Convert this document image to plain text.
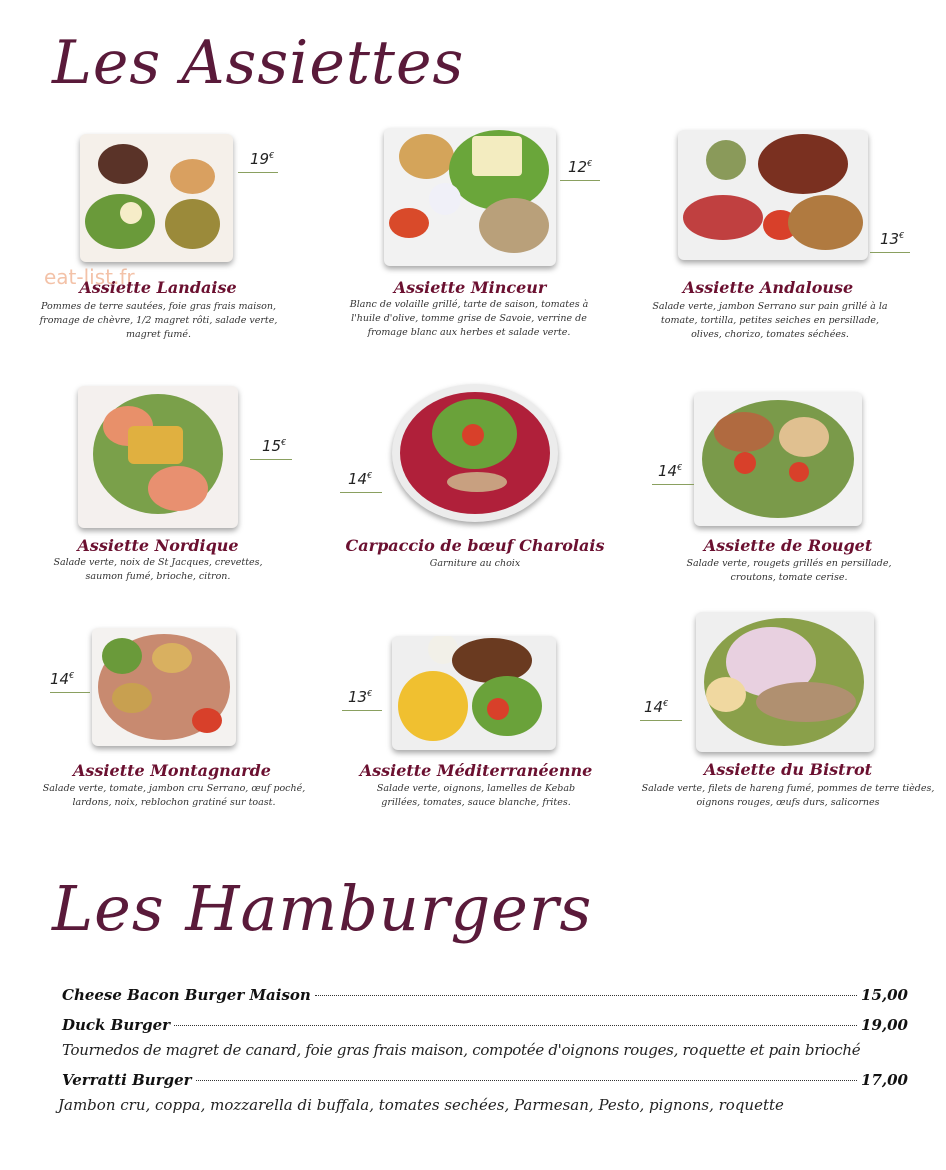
Les Assiettes
eat-list.fr
19€
12€
13€
Assiette Landaise
Pommes de terre sautées, foie gras frais maison, fromage de chèvre, 1/2 magret rôti, salade verte, magret fumé.
Assiette Minceur
Blanc de volaille grillé, tarte de saison, tomates à l'huile d'olive, tomme grise de Savoie, verrine de fromage blanc aux herbes et salade verte.
Assiette Andalouse
Salade verte, jambon Serrano sur pain grillé à la tomate, tortilla, petites seiches en persillade, olives, chorizo, tomates séchées.
15€
14€	14€
Assiette Nordique
Salade verte, noix de St Jacques, crevettes, saumon fumé, brioche, citron.
Carpaccio de bœuf Charolais
Garniture au choix
Assiette de Rouget
Salade verte, rougets grillés en persillade, croutons, tomate cerise.
14€
13€
14€
Assiette Montagnarde
Salade verte, tomate, jambon cru Serrano, œuf poché, lardons, noix, reblochon gratiné sur toast.
Assiette Méditerranéenne
Salade verte, oignons, lamelles de Kebab grillées, tomates, sauce blanche, frites.
Assiette du Bistrot
Salade verte, filets de hareng fumé, pommes de terre tièdes, oignons rouges, œufs durs, salicornes
Les Hamburgers
Cheese Bacon Burger Maison	15,00
Duck Burger	19,00
Tournedos de magret de canard, foie gras frais maison, compotée d'oignons rouges, roquette et pain brioché
Verratti Burger	17,00
Jambon cru, coppa, mozzarella di buffala, tomates sechées, Parmesan, Pesto, pignons, roquette
